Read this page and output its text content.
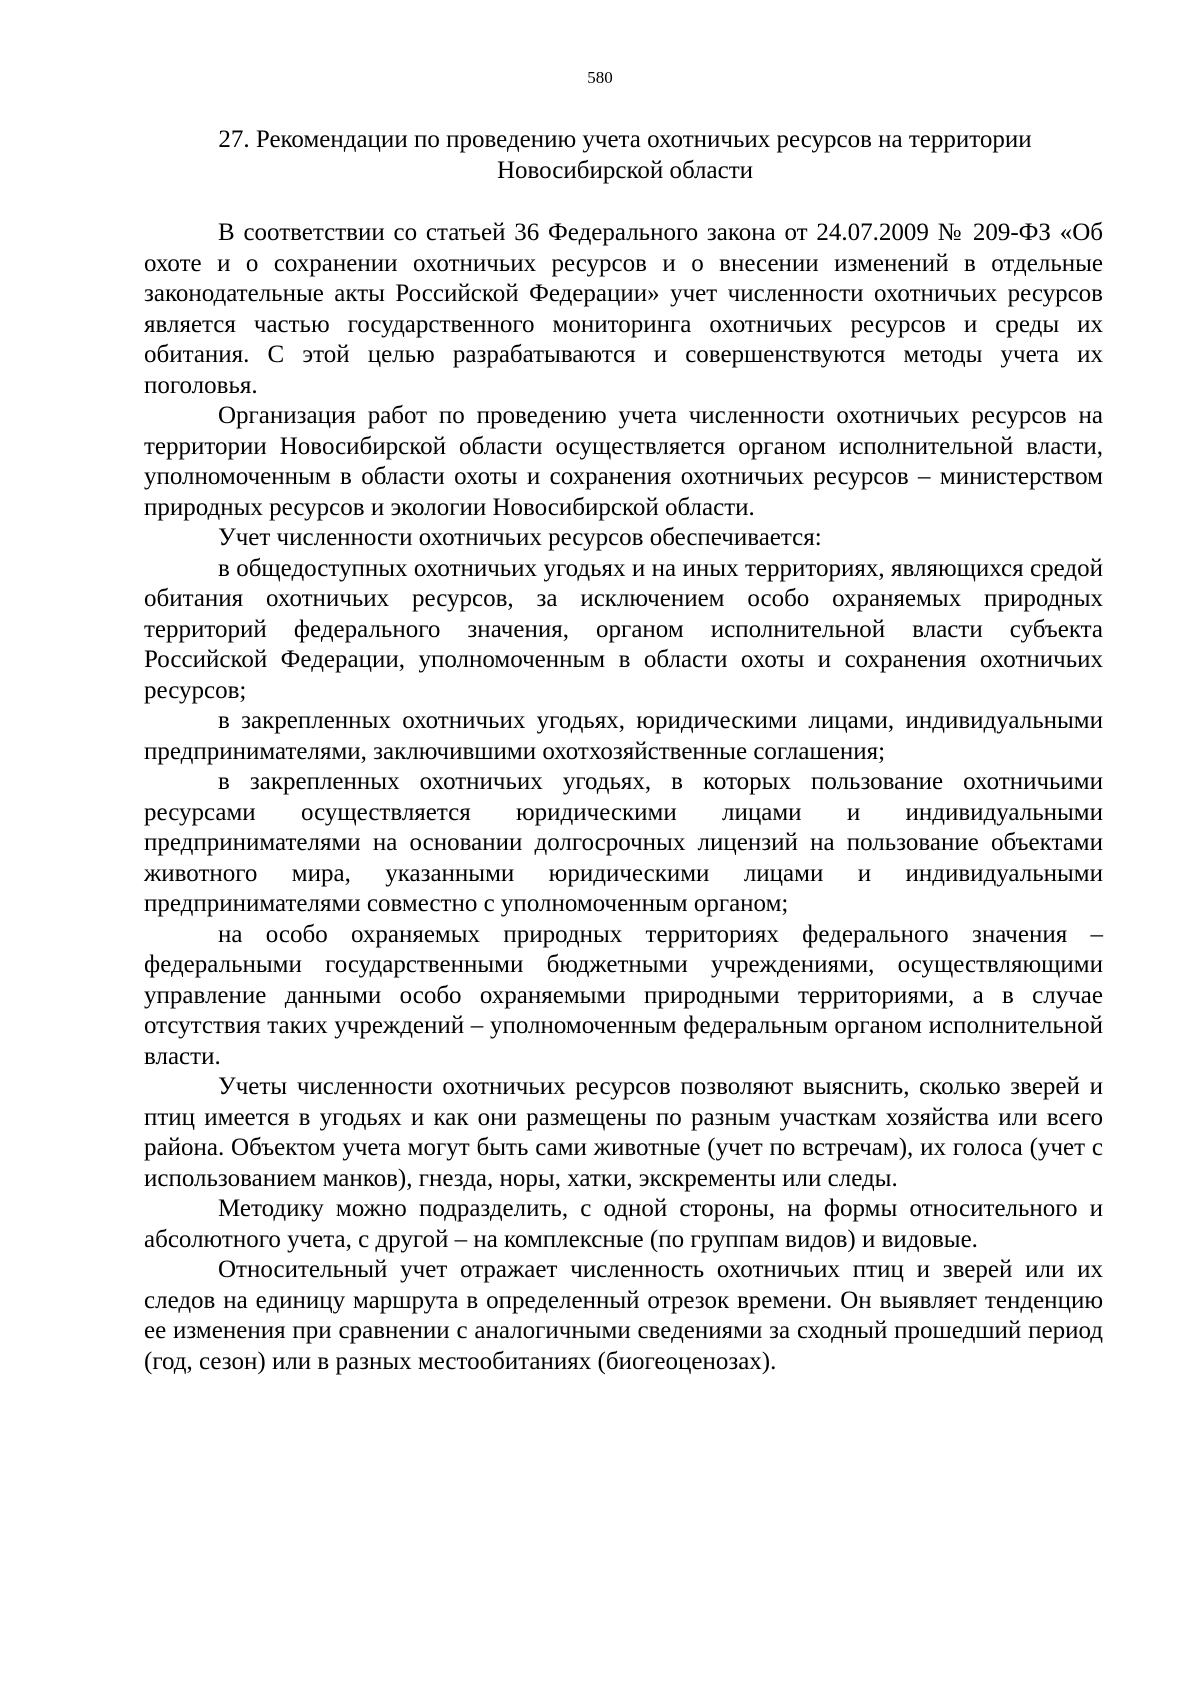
580
27. Рекомендации по проведению учета охотничьих ресурсов на территории
Новосибирской области

В соответствии со статьей 36 Федерального закона от 24.07.2009 № 209-ФЗ «Об охоте и о сохранении охотничьих ресурсов и о внесении изменений в отдельные законодательные акты Российской Федерации» учет численности охотничьих ресурсов является частью государственного мониторинга охотничьих ресурсов и среды их обитания. С этой целью разрабатываются и совершенствуются методы учета их поголовья.

Организация работ по проведению учета численности охотничьих ресурсов на территории Новосибирской области осуществляется органом исполнительной власти, уполномоченным в области охоты и сохранения охотничьих ресурсов – министерством природных ресурсов и экологии Новосибирской области.

Учет численности охотничьих ресурсов обеспечивается:

в общедоступных охотничьих угодьях и на иных территориях, являющихся средой обитания охотничьих ресурсов, за исключением особо охраняемых природных территорий федерального значения, органом исполнительной власти субъекта Российской Федерации, уполномоченным в области охоты и сохранения охотничьих ресурсов;

в закрепленных охотничьих угодьях, юридическими лицами, индивидуальными предпринимателями, заключившими охотхозяйственные соглашения;

в закрепленных охотничьих угодьях, в которых пользование охотничьими ресурсами осуществляется юридическими лицами и индивидуальными предпринимателями на основании долгосрочных лицензий на пользование объектами животного мира, указанными юридическими лицами и индивидуальными предпринимателями совместно с уполномоченным органом;

на особо охраняемых природных территориях федерального значения – федеральными государственными бюджетными учреждениями, осуществляющими управление данными особо охраняемыми природными территориями, а в случае отсутствия таких учреждений – уполномоченным федеральным органом исполнительной власти.

Учеты численности охотничьих ресурсов позволяют выяснить, сколько зверей и птиц имеется в угодьях и как они размещены по разным участкам хозяйства или всего района. Объектом учета могут быть сами животные (учет по встречам), их голоса (учет с использованием манков), гнезда, норы, хатки, экскременты или следы.

Методику можно подразделить, с одной стороны, на формы относительного и абсолютного учета, с другой – на комплексные (по группам видов) и видовые.

Относительный учет отражает численность охотничьих птиц и зверей или их следов на единицу маршрута в определенный отрезок времени. Он выявляет тенденцию ее изменения при сравнении с аналогичными сведениями за сходный прошедший период (год, сезон) или в разных местообитаниях (биогеоценозах).
